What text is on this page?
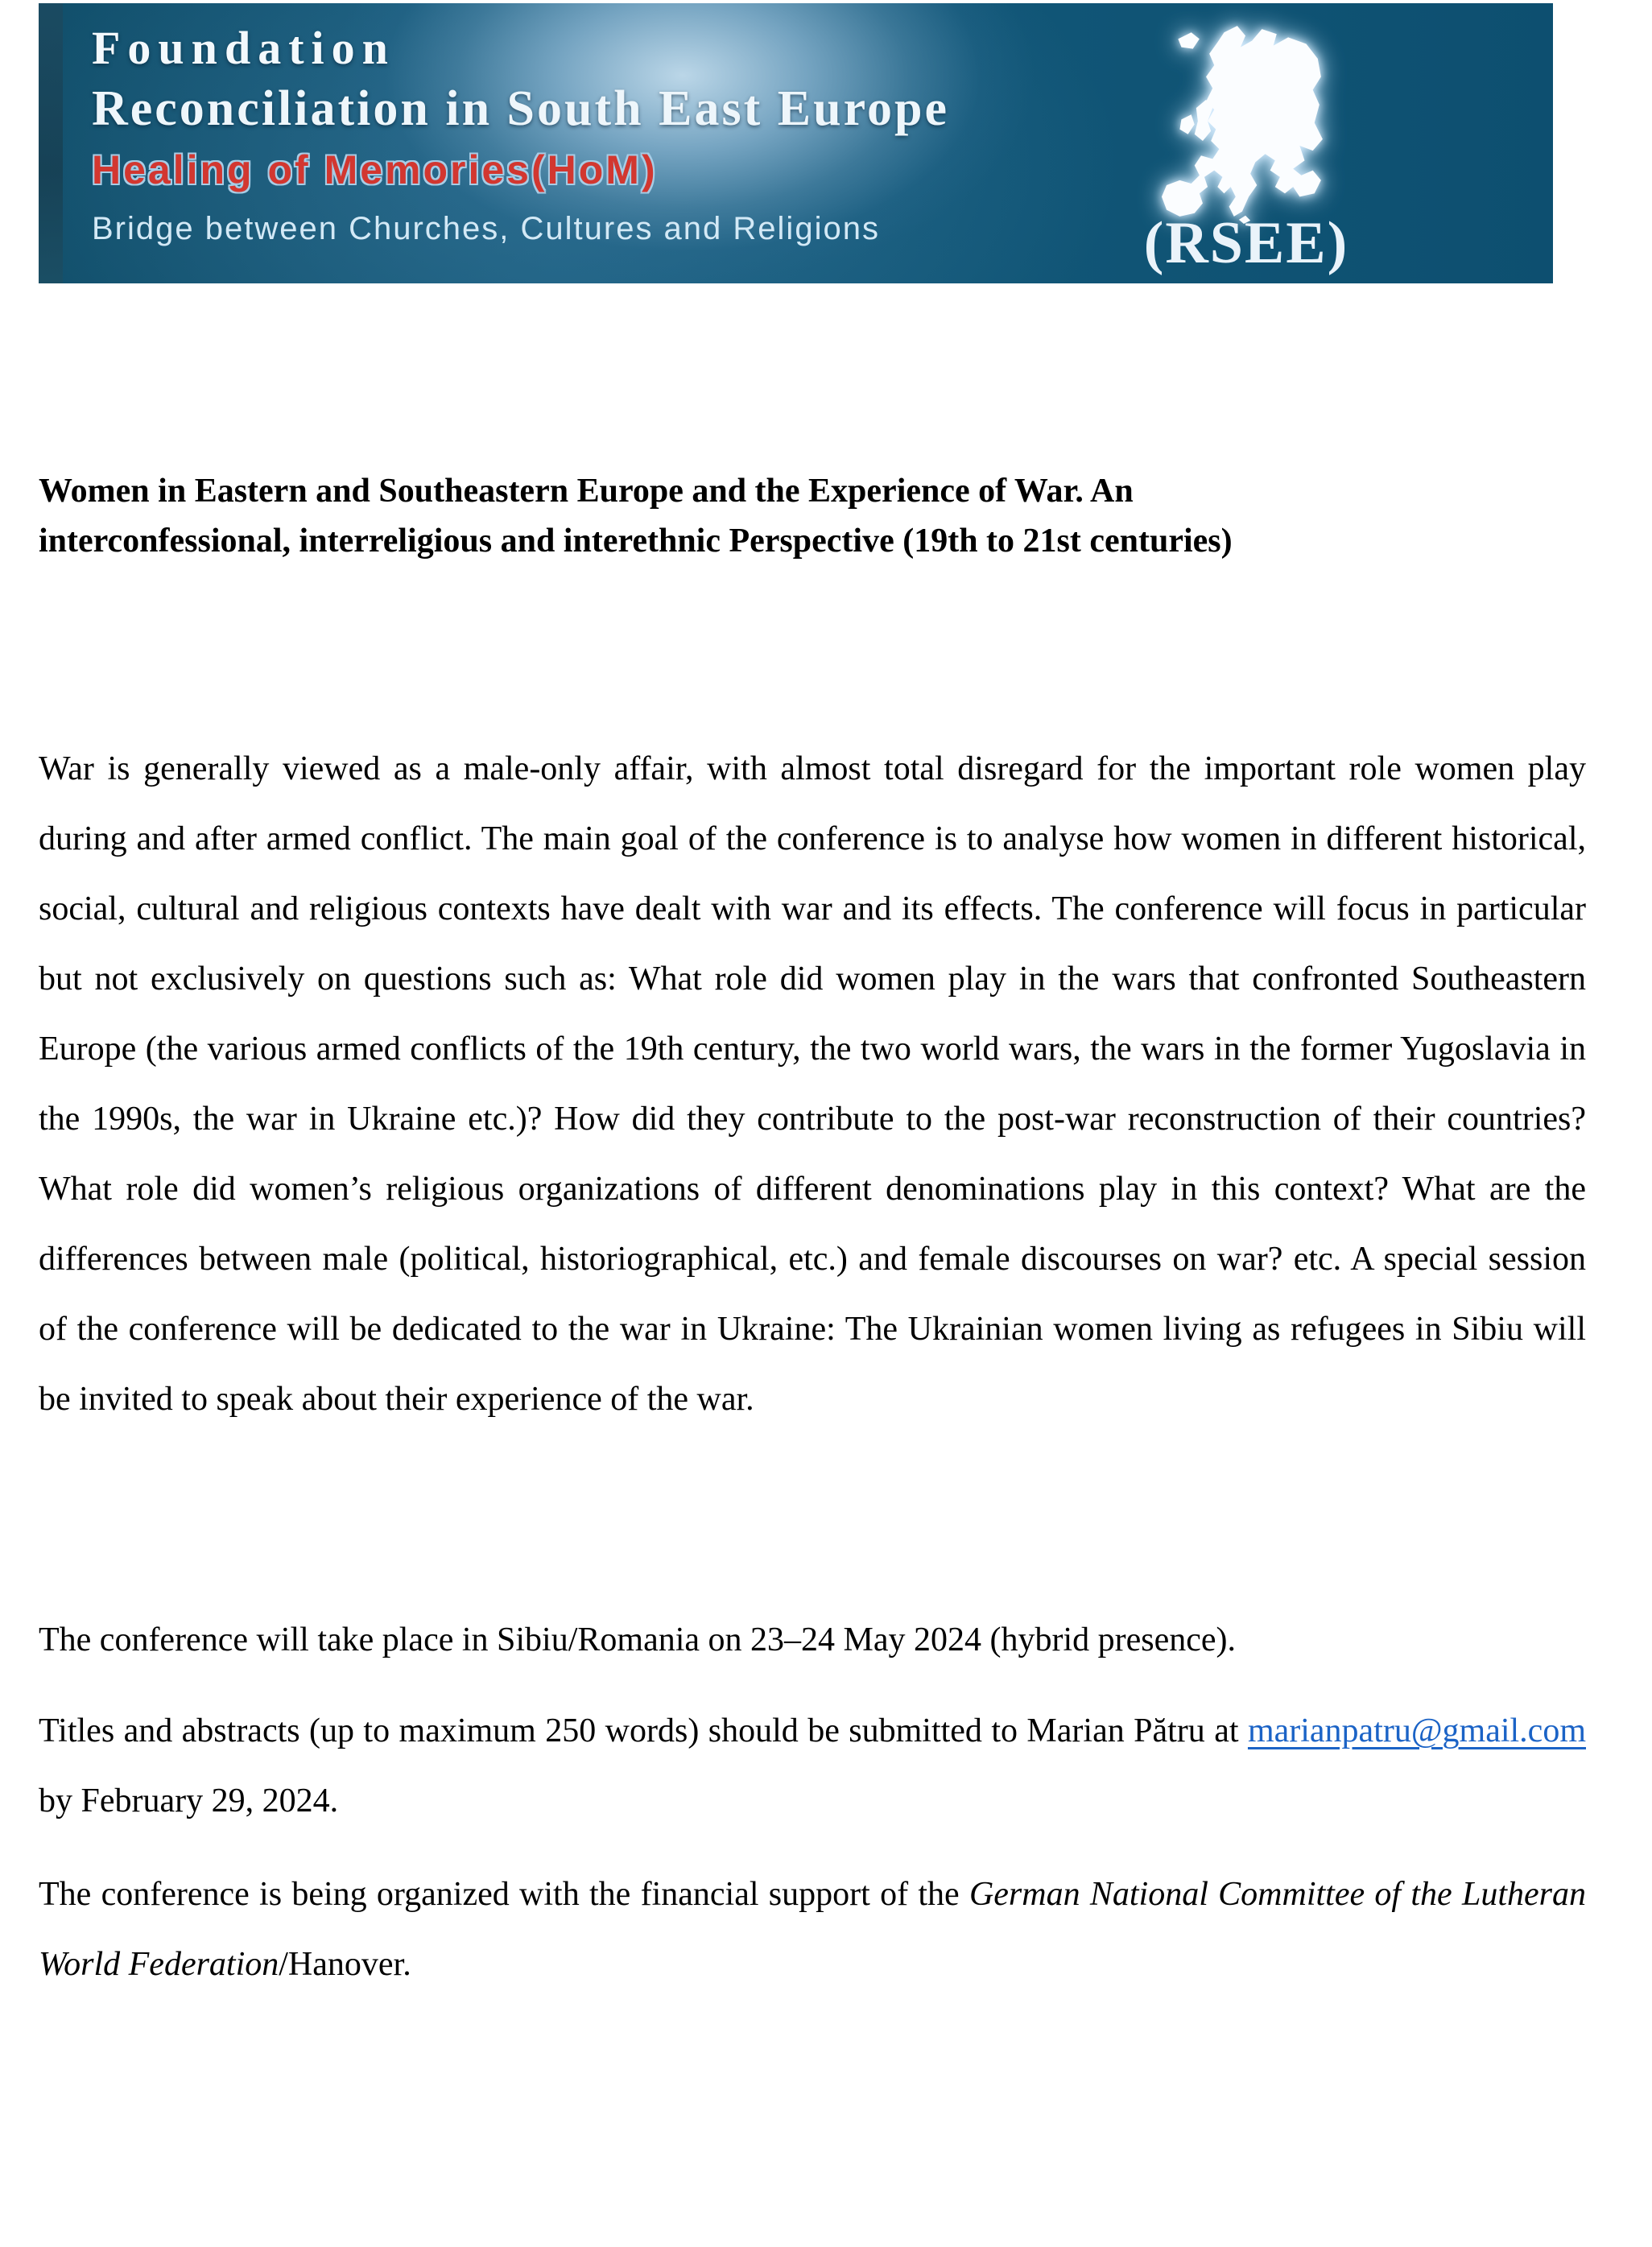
Foundation
Reconciliation in South East Europe
Healing of Memories(HoM)
Bridge between Churches, Cultures and Religions	(RSEE)
Women in Eastern and Southeastern Europe and the Experience of War. An
interconfessional, interreligious and interethnic Perspective (19th to 21st centuries)
War is generally viewed as a male-only affair, with almost total disregard for the important role women play during and after armed conflict. The main goal of the conference is to analyse how women in different historical, social, cultural and religious contexts have dealt with war and its effects. The conference will focus in particular but not exclusively on questions such as: What role did women play in the wars that confronted Southeastern Europe (the various armed conflicts of the 19th century, the two world wars, the wars in the former Yugoslavia in the 1990s, the war in Ukraine etc.)? How did they contribute to the post-war reconstruction of their countries? What role did women’s religious organizations of different denominations play in this context? What are the differences between male (political, historiographical, etc.) and female discourses on war? etc. A special session of the conference will be dedicated to the war in Ukraine: The Ukrainian women living as refugees in Sibiu will be invited to speak about their experience of the war.
The conference will take place in Sibiu/Romania on 23–24 May 2024 (hybrid presence).
Titles and abstracts (up to maximum 250 words) should be submitted to Marian Pătru at marianpatru@gmail.com by February 29, 2024.
The conference is being organized with the financial support of the German National Committee of the Lutheran World Federation/Hanover.
